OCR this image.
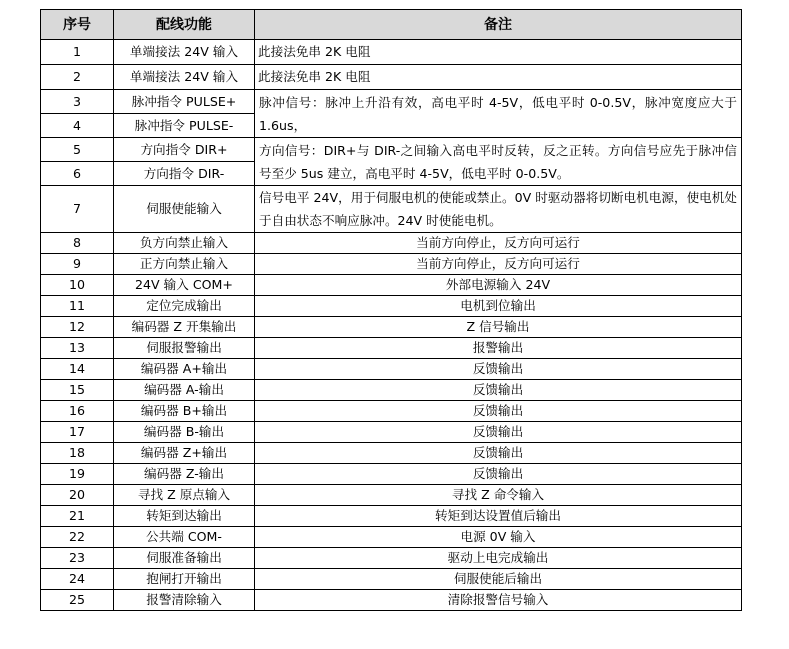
序号	配线功能	备注
1	单端接法 24V 输入	此接法免串 2K 电阻
2	单端接法 24V 输入	此接法免串 2K 电阻
3	脉冲指令 PULSE+	脉冲信号：脉冲上升沿有效，高电平时 4-5V，低电平时 0-0.5V，脉冲宽度应大于 1.6us，
4	脉冲指令 PULSE-	
5	方向指令 DIR+	方向信号：DIR+与 DIR-之间输入高电平时反转，反之正转。方向信号应先于脉冲信号至少 5us 建立，高电平时 4-5V，低电平时 0-0.5V。
6	方向指令 DIR-	
7	伺服使能输入	信号电平 24V，用于伺服电机的使能或禁止。0V 时驱动器将切断电机电源，使电机处于自由状态不响应脉冲。24V 时使能电机。
8	负方向禁止输入	当前方向停止，反方向可运行
9	正方向禁止输入	当前方向停止，反方向可运行
10	24V 输入 COM+	外部电源输入 24V
11	定位完成输出	电机到位输出
12	编码器 Z 开集输出	Z 信号输出
13	伺服报警输出	报警输出
14	编码器 A+输出	反馈输出
15	编码器 A-输出	反馈输出
16	编码器 B+输出	反馈输出
17	编码器 B-输出	反馈输出
18	编码器 Z+输出	反馈输出
19	编码器 Z-输出	反馈输出
20	寻找 Z 原点输入	寻找 Z 命令输入
21	转矩到达输出	转矩到达设置值后输出
22	公共端 COM-	电源 0V 输入
23	伺服准备输出	驱动上电完成输出
24	抱闸打开输出	伺服使能后输出
25	报警清除输入	清除报警信号输入
